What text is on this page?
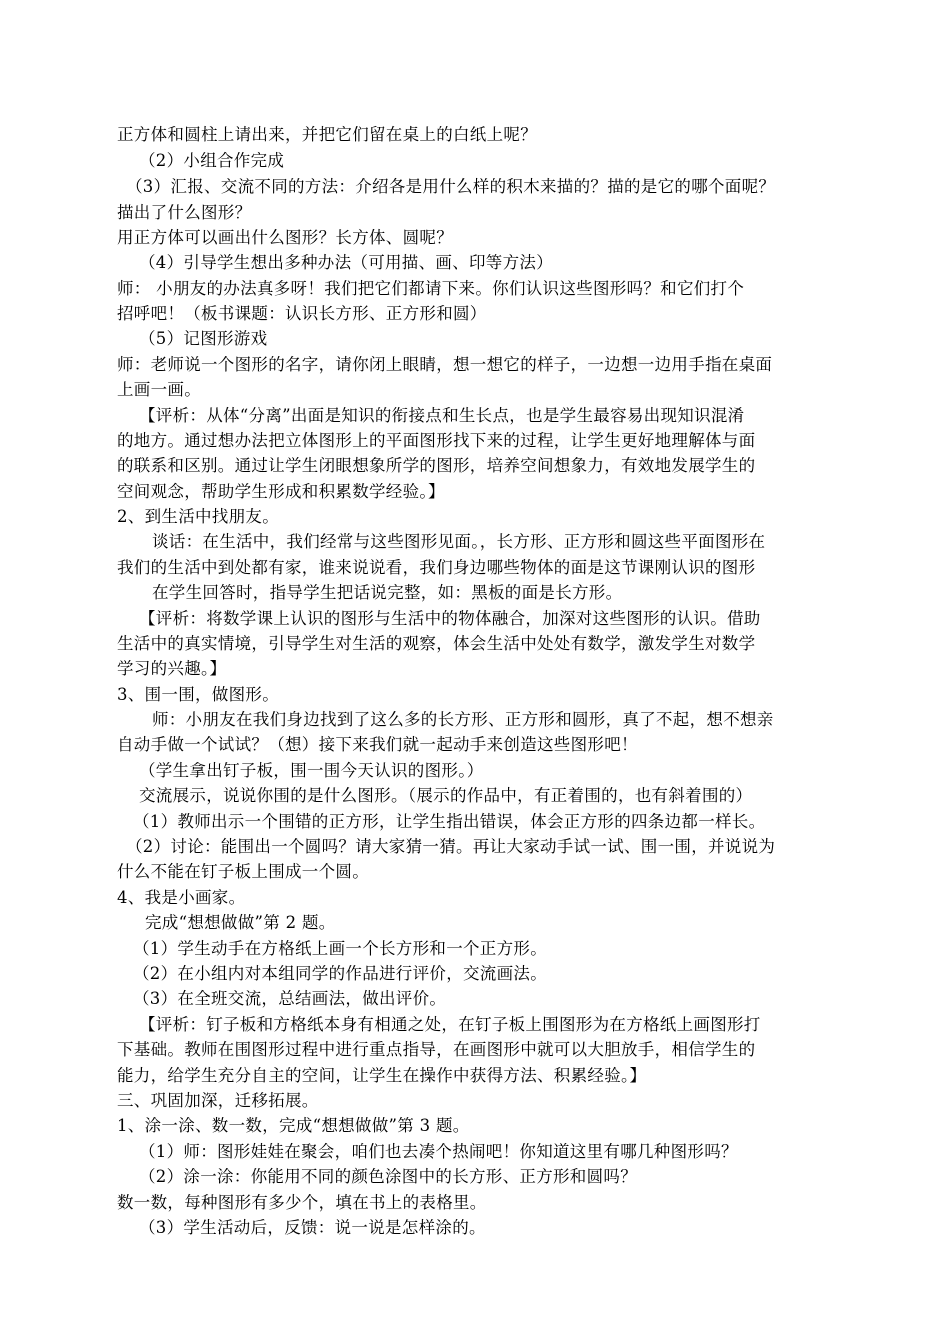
正方体和圆柱上请出来，并把它们留在桌上的白纸上呢？
（2）小组合作完成
（3）汇报、交流不同的方法：介绍各是用什么样的积木来描的？描的是它的哪个面呢？
描出了什么图形？
用正方体可以画出什么图形？长方体、圆呢？
（4）引导学生想出多种办法（可用描、画、印等方法）
师： 小朋友的办法真多呀！我们把它们都请下来。你们认识这些图形吗？和它们打个
招呼吧！（板书课题：认识长方形、正方形和圆）
（5）记图形游戏
师：老师说一个图形的名字，请你闭上眼睛，想一想它的样子，一边想一边用手指在桌面
上画一画。
【评析：从体“分离”出面是知识的衔接点和生长点，也是学生最容易出现知识混淆
的地方。通过想办法把立体图形上的平面图形找下来的过程，让学生更好地理解体与面
的联系和区别。通过让学生闭眼想象所学的图形，培养空间想象力，有效地发展学生的
空间观念，帮助学生形成和积累数学经验。】
2、到生活中找朋友。
谈话：在生活中，我们经常与这些图形见面。，长方形、正方形和圆这些平面图形在
我们的生活中到处都有家，谁来说说看，我们身边哪些物体的面是这节课刚认识的图形
在学生回答时，指导学生把话说完整，如：黑板的面是长方形。
【评析：将数学课上认识的图形与生活中的物体融合，加深对这些图形的认识。借助
生活中的真实情境，引导学生对生活的观察，体会生活中处处有数学，激发学生对数学
学习的兴趣。】
3、围一围，做图形。
师：小朋友在我们身边找到了这么多的长方形、正方形和圆形，真了不起，想不想亲
自动手做一个试试？（想）接下来我们就一起动手来创造这些图形吧！
（学生拿出钉子板，围一围今天认识的图形。）
交流展示，说说你围的是什么图形。（展示的作品中，有正着围的，也有斜着围的）
（1）教师出示一个围错的正方形，让学生指出错误，体会正方形的四条边都一样长。
（2）讨论：能围出一个圆吗？请大家猜一猜。再让大家动手试一试、围一围，并说说为
什么不能在钉子板上围成一个圆。
4、我是小画家。
完成“想想做做”第 2 题。
（1）学生动手在方格纸上画一个长方形和一个正方形。
（2）在小组内对本组同学的作品进行评价，交流画法。
（3）在全班交流，总结画法，做出评价。
【评析：钉子板和方格纸本身有相通之处，在钉子板上围图形为在方格纸上画图形打
下基础。教师在围图形过程中进行重点指导，在画图形中就可以大胆放手，相信学生的
能力，给学生充分自主的空间，让学生在操作中获得方法、积累经验。】
三、巩固加深，迁移拓展。
1、涂一涂、数一数，完成“想想做做”第 3 题。
（1）师：图形娃娃在聚会，咱们也去凑个热闹吧！你知道这里有哪几种图形吗？
（2）涂一涂：你能用不同的颜色涂图中的长方形、正方形和圆吗？
数一数，每种图形有多少个，填在书上的表格里。
（3）学生活动后，反馈：说一说是怎样涂的。
